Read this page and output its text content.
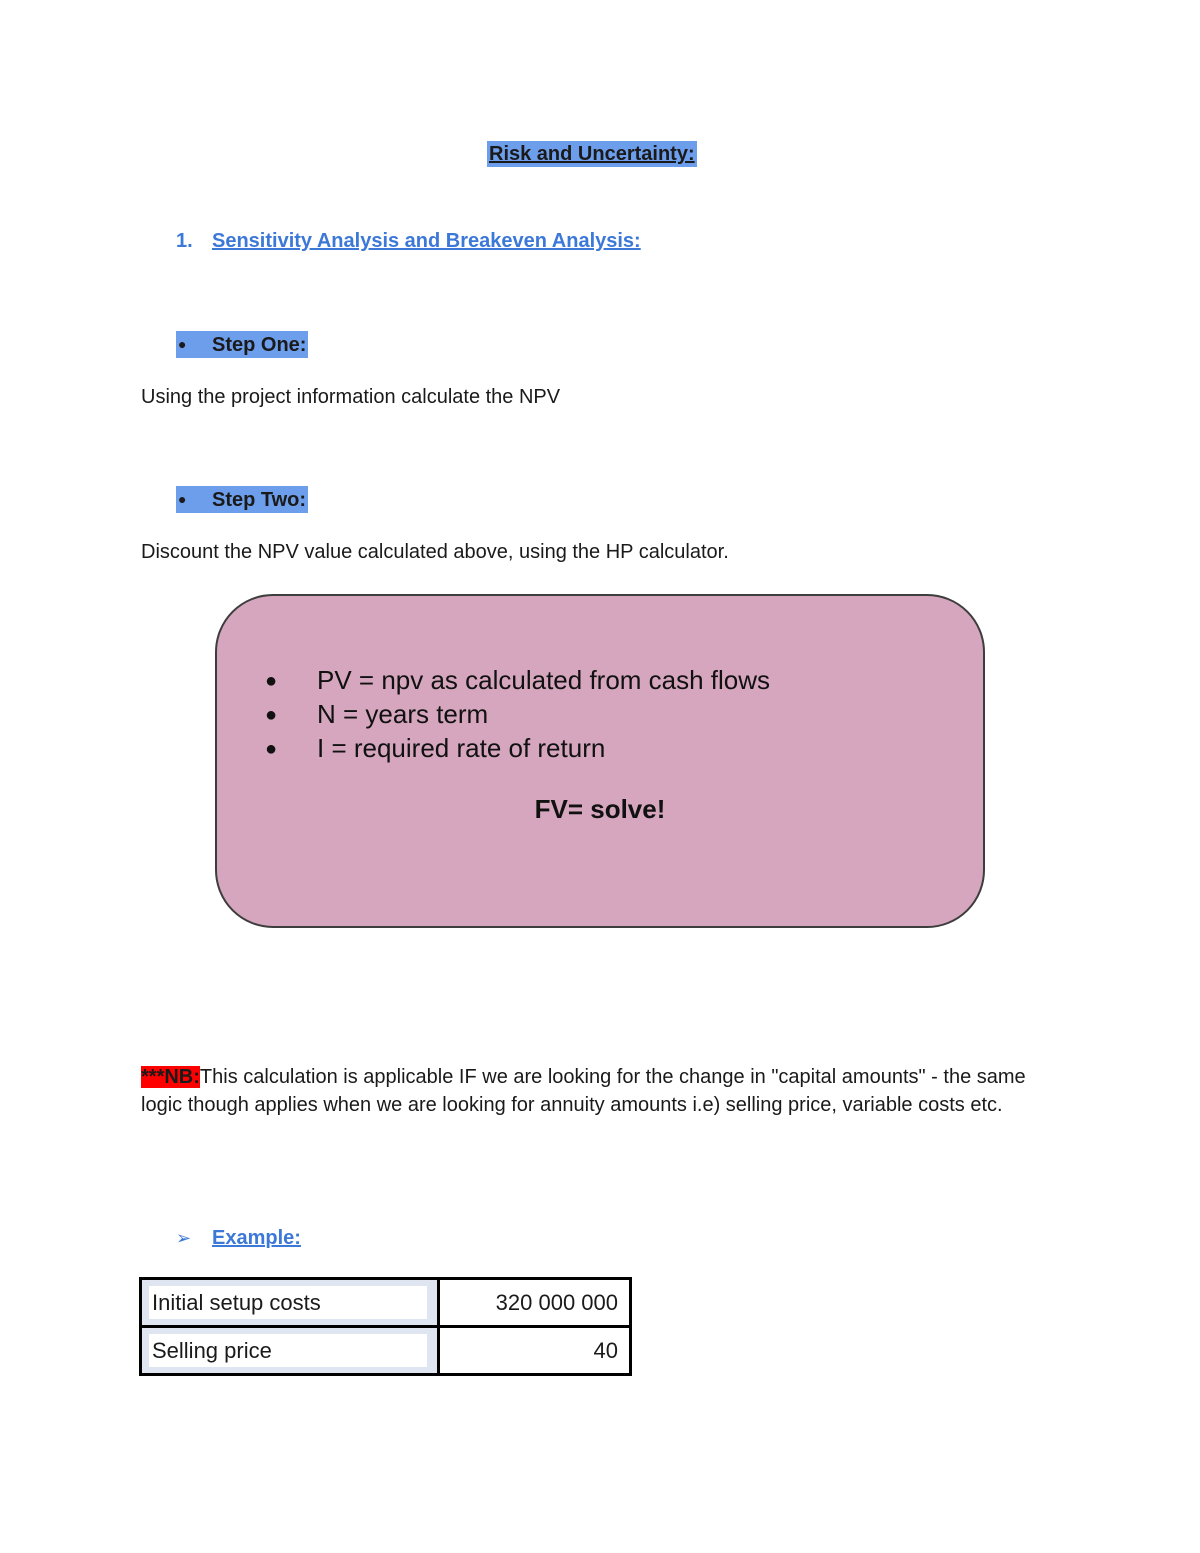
Risk and Uncertainty:
1. Sensitivity Analysis and Breakeven Analysis:
● Step One:
Using the project information calculate the NPV
● Step Two:
Discount the NPV value calculated above, using the HP calculator.
● PV = npv as calculated from cash flows
● N = years term
● I = required rate of return
FV= solve!
***NB:This calculation is applicable IF we are looking for the change in "capital amounts" - the same logic though applies when we are looking for annuity amounts i.e) selling price, variable costs etc.
➢ Example:
Initial setup costs	320 000 000

Selling price	40
